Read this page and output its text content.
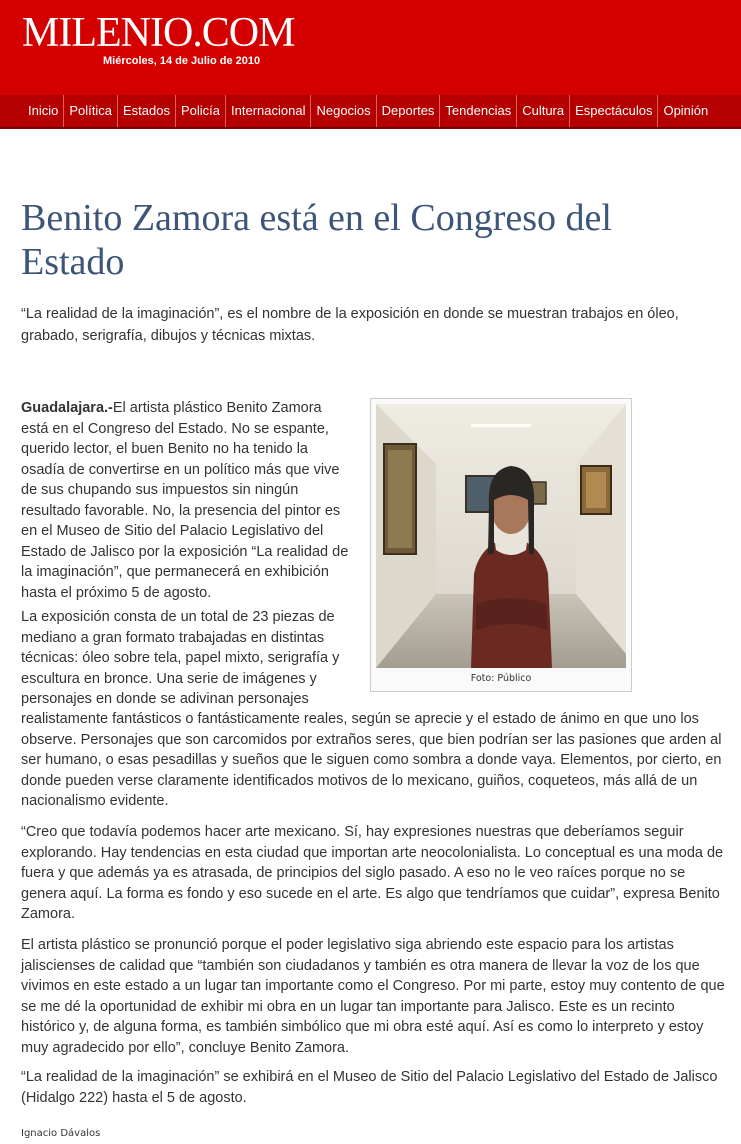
MILENIO.COM
Miércoles, 14 de Julio de 2010
Inicio Política Estados Policía Internacional Negocios Deportes Tendencias Cultura Espectáculos Opinión
Benito Zamora está en el Congreso del Estado

“La realidad de la imaginación”, es el nombre de la exposición en donde se muestran trabajos en óleo, grabado, serigrafía, dibujos y técnicas mixtas.

Guadalajara.-El artista plástico Benito Zamora está en el Congreso del Estado. No se espante, querido lector, el buen Benito no ha tenido la osadía de convertirse en un político más que vive de sus chupando sus impuestos sin ningún resultado favorable. No, la presencia del pintor es en el Museo de Sitio del Palacio Legislativo del Estado de Jalisco por la exposición “La realidad de la imaginación”, que permanecerá en exhibición hasta el próximo 5 de agosto.

La exposición consta de un total de 23 piezas de mediano a gran formato trabajadas en distintas técnicas: óleo sobre tela, papel mixto, serigrafía y escultura en bronce. Una serie de imágenes y personajes en donde se adivinan personajes

realistamente fantásticos o fantásticamente reales, según se aprecie y el estado de ánimo en que uno los observe. Personajes que son carcomidos por extraños seres, que bien podrían ser las pasiones que arden al ser humano, o esas pesadillas y sueños que le siguen como sombra a donde vaya. Elementos, por cierto, en donde pueden verse claramente identificados motivos de lo mexicano, guiños, coqueteos, más allá de un nacionalismo evidente.

Foto: Público

“Creo que todavía podemos hacer arte mexicano. Sí, hay expresiones nuestras que deberíamos seguir explorando. Hay tendencias en esta ciudad que importan arte neocolonialista. Lo conceptual es una moda de fuera y que además ya es atrasada, de principios del siglo pasado. A eso no le veo raíces porque no se genera aquí. La forma es fondo y eso sucede en el arte. Es algo que tendríamos que cuidar”, expresa Benito Zamora.

El artista plástico se pronunció porque el poder legislativo siga abriendo este espacio para los artistas jaliscienses de calidad que “también son ciudadanos y también es otra manera de llevar la voz de los que vivimos en este estado a un lugar tan importante como el Congreso. Por mi parte, estoy muy contento de que se me dé la oportunidad de exhibir mi obra en un lugar tan importante para Jalisco. Este es un recinto histórico y, de alguna forma, es también simbólico que mi obra esté aquí. Así es como lo interpreto y estoy muy agradecido por ello”, concluye Benito Zamora.

“La realidad de la imaginación” se exhibirá en el Museo de Sitio del Palacio Legislativo del Estado de Jalisco (Hidalgo 222) hasta el 5 de agosto.

Ignacio Dávalos
